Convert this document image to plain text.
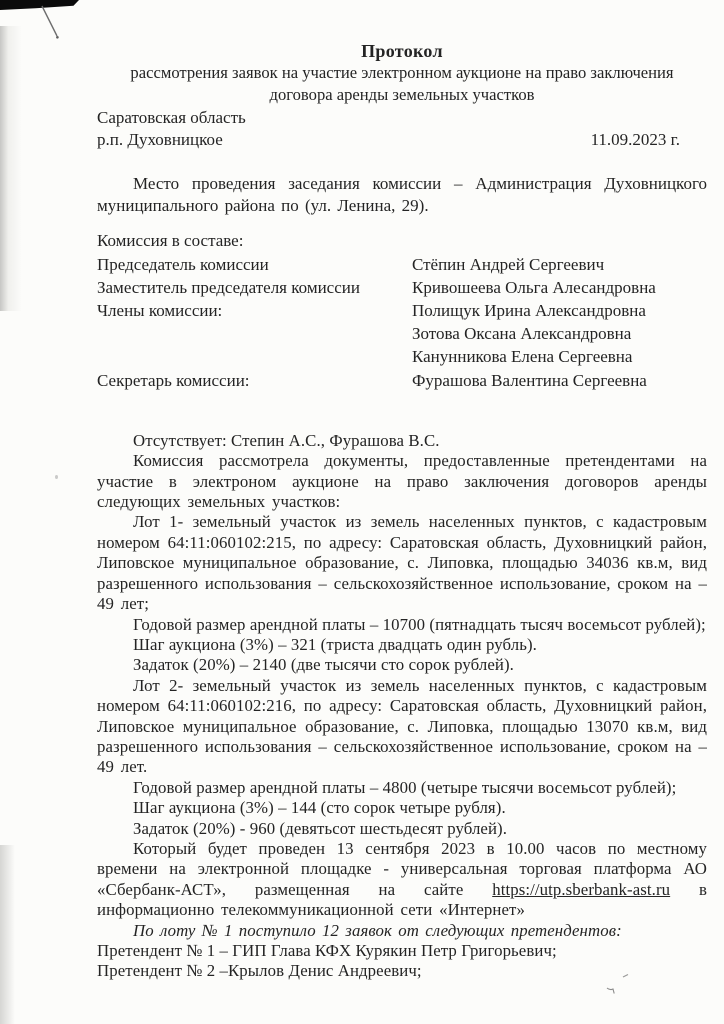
Протокол
рассмотрения заявок на участие электронном аукционе на право заключения
договора аренды земельных участков
Саратовская область
р.п. Духовницкое	11.09.2023 г.

Место проведения заседания комиссии – Администрация Духовницкого муниципального района по (ул. Ленина, 29).

Комиссия в составе:
Председатель комиссии	Стёпин Андрей Сергеевич
Заместитель председателя комиссии	Кривошеева Ольга Алесандровна
Члены комиссии:	Полищук Ирина Александровна
Зотова Оксана Александровна
Канунникова Елена Сергеевна
Секретарь комиссии:	Фурашова Валентина Сергеевна

Отсутствует: Степин А.С., Фурашова В.С.

Комиссия рассмотрела документы, предоставленные претендентами на участие в электроном аукционе на право заключения договоров аренды следующих земельных участков:

Лот 1- земельный участок из земель населенных пунктов, с кадастровым номером 64:11:060102:215, по адресу: Саратовская область, Духовницкий район, Липовское муниципальное образование, с. Липовка, площадью 34036 кв.м, вид разрешенного использования – сельскохозяйственное использование, сроком на – 49 лет;

Годовой размер арендной платы – 10700 (пятнадцать тысяч восемьсот рублей);

Шаг аукциона (3%) – 321 (триста двадцать один рубль).

Задаток (20%) – 2140 (две тысячи сто сорок рублей).

Лот 2- земельный участок из земель населенных пунктов, с кадастровым номером 64:11:060102:216, по адресу: Саратовская область, Духовницкий район, Липовское муниципальное образование, с. Липовка, площадью 13070 кв.м, вид разрешенного использования – сельскохозяйственное использование, сроком на – 49 лет.

Годовой размер арендной платы – 4800 (четыре тысячи восемьсот рублей);

Шаг аукциона (3%) – 144 (сто сорок четыре рубля).

Задаток (20%) - 960 (девятьсот шестьдесят рублей).

Который будет проведен 13 сентября 2023 в 10.00 часов по местному времени на электронной площадке - универсальная торговая платформа АО «Сбербанк-АСТ», размещенная на сайте https://utp.sberbank-ast.ru в информационно телекоммуникационной сети «Интернет»

По лоту № 1 поступило 12 заявок от следующих претендентов:

Претендент № 1 – ГИП Глава КФХ Курякин Петр Григорьевич;

Претендент № 2 –Крылов Денис Андреевич;
